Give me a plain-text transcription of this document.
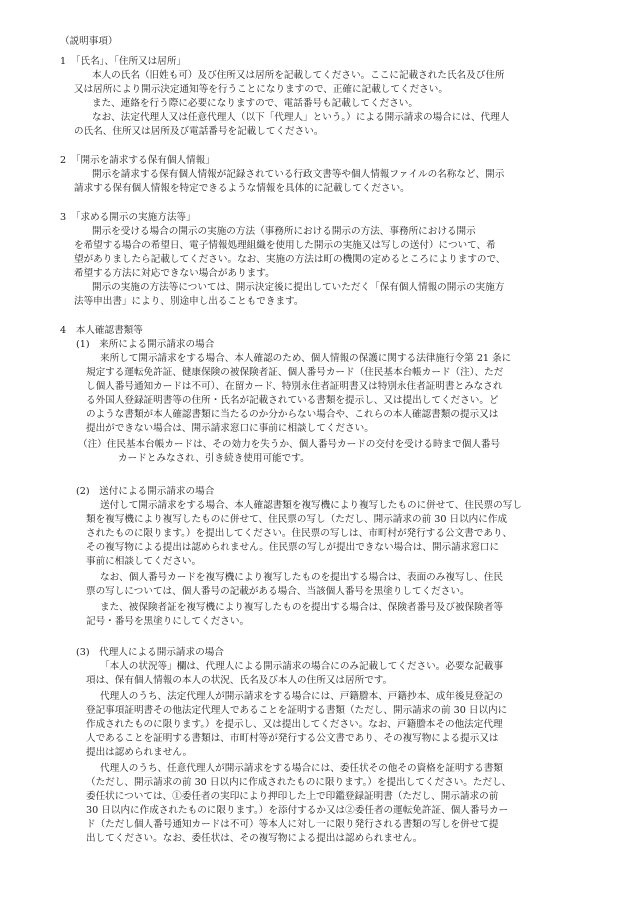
（説明事項）

1　「氏名」、「住所又は居所」

本人の氏名（旧姓も可）及び住所又は居所を記載してください。ここに記載された氏名及び住所

又は居所により開示決定通知等を行うことになりますので、正確に記載してください。

また、連絡を行う際に必要になりますので、電話番号も記載してください。

なお、法定代理人又は任意代理人（以下「代理人」という。）による開示請求の場合には、代理人

の氏名、住所又は居所及び電話番号を記載してください。

2　「開示を請求する保有個人情報」

開示を請求する保有個人情報が記録されている行政文書等や個人情報ファイルの名称など、開示

請求する保有個人情報を特定できるような情報を具体的に記載してください。

3　「求める開示の実施方法等」

開示を受ける場合の開示の実施の方法（事務所における開示の方法、事務所における開示

を希望する場合の希望日、電子情報処理組織を使用した開示の実施又は写しの送付）について、希

望がありましたら記載してください。なお、実施の方法は町の機関の定めるところによりますので、

希望する方法に対応できない場合があります。

開示の実施の方法等については、開示決定後に提出していただく「保有個人情報の開示の実施方

法等申出書」により、別途申し出ることもできます。

4　本人確認書類等

(1)　来所による開示請求の場合

来所して開示請求をする場合、本人確認のため、個人情報の保護に関する法律施行令第 21 条に

規定する運転免許証、健康保険の被保険者証、個人番号カード（住民基本台帳カード（注）、ただ

し個人番号通知カードは不可）、在留カード、特別永住者証明書又は特別永住者証明書とみなされ

る外国人登録証明書等の住所・氏名が記載されている書類を提示し、又は提出してください。ど

のような書類が本人確認書類に当たるのか分からない場合や、これらの本人確認書類の提示又は

提出ができない場合は、開示請求窓口に事前に相談してください。

（注）住民基本台帳カードは、その効力を失うか、個人番号カードの交付を受ける時まで個人番号

カードとみなされ、引き続き使用可能です。

(2)　送付による開示請求の場合

送付して開示請求をする場合、本人確認書類を複写機により複写したものに併せて、住民票の写し

類を複写機により複写したものに併せて、住民票の写し（ただし、開示請求の前 30 日以内に作成

されたものに限ります。）を提出してください。住民票の写しは、市町村が発行する公文書であり、

その複写物による提出は認められません。住民票の写しが提出できない場合は、開示請求窓口に

事前に相談してください。

なお、個人番号カードを複写機により複写したものを提出する場合は、表面のみ複写し、住民

票の写しについては、個人番号の記載がある場合、当該個人番号を黒塗りしてください。

また、被保険者証を複写機により複写したものを提出する場合は、保険者番号及び被保険者等

記号・番号を黒塗りにしてください。

(3)　代理人による開示請求の場合

「本人の状況等」欄は、代理人による開示請求の場合にのみ記載してください。必要な記載事

項は、保有個人情報の本人の状況、氏名及び本人の住所又は居所です。

代理人のうち、法定代理人が開示請求をする場合には、戸籍謄本、戸籍抄本、成年後見登記の

登記事項証明書その他法定代理人であることを証明する書類（ただし、開示請求の前 30 日以内に

作成されたものに限ります。）を提示し、又は提出してください。なお、戸籍謄本その他法定代理

人であることを証明する書類は、市町村等が発行する公文書であり、その複写物による提示又は

提出は認められません。

代理人のうち、任意代理人が開示請求をする場合には、委任状その他その資格を証明する書類

（ただし、開示請求の前 30 日以内に作成されたものに限ります。）を提出してください。ただし、

委任状については、①委任者の実印により押印した上で印鑑登録証明書（ただし、開示請求の前

30 日以内に作成されたものに限ります。）を添付するか又は②委任者の運転免許証、個人番号カー

ド（ただし個人番号通知カードは不可）等本人に対し一に限り発行される書類の写しを併せて提

出してください。なお、委任状は、その複写物による提出は認められません。
